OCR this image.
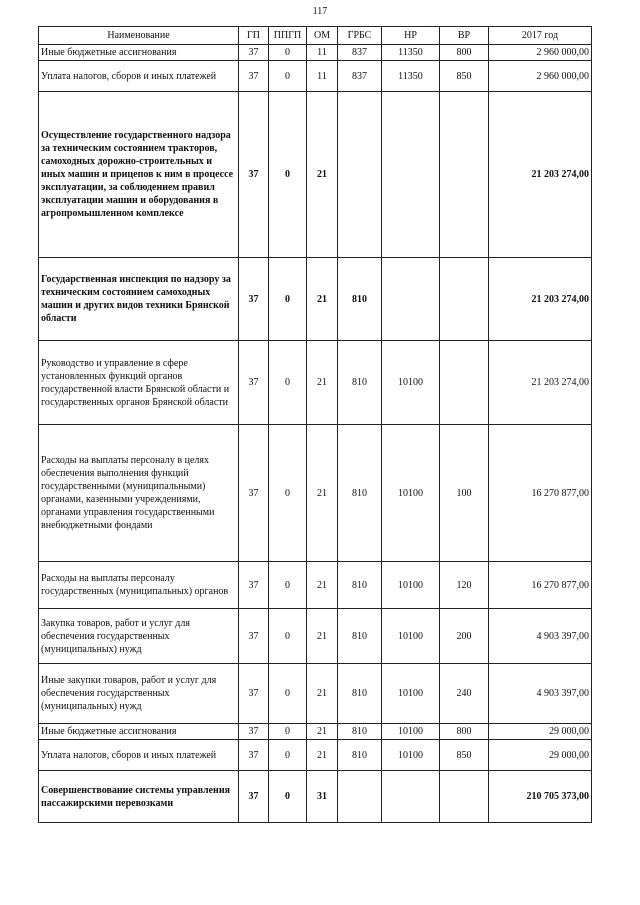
117
Наименование	ГП	ППГП	ОМ	ГРБС	НР	ВР	2017 год
Иные бюджетные ассигнования	37	0	11	837	11350	800	2 960 000,00
Уплата налогов, сборов и иных платежей	37	0	11	837	11350	850	2 960 000,00
Осуществление государственного надзора за техническим состоянием тракторов, самоходных дорожно-строительных и иных машин и прицепов к ним в процессе эксплуатации, за соблюдением правил эксплуатации машин и оборудования в агропромышленном комплексе	37	0	21				21 203 274,00
Государственная инспекция по надзору за техническим состоянием самоходных машин и других видов техники Брянской области	37	0	21	810			21 203 274,00
Руководство и управление в сфере установленных функций органов государственной власти Брянской области и государственных органов Брянской области	37	0	21	810	10100		21 203 274,00
Расходы на выплаты персоналу в целях обеспечения выполнения функций государственными (муниципальными) органами, казенными учреждениями, органами управления государственными внебюджетными фондами	37	0	21	810	10100	100	16 270 877,00
Расходы на выплаты персоналу государственных (муниципальных) органов	37	0	21	810	10100	120	16 270 877,00
Закупка товаров, работ и услуг для обеспечения государственных (муниципальных) нужд	37	0	21	810	10100	200	4 903 397,00
Иные закупки товаров, работ и услуг для обеспечения государственных (муниципальных) нужд	37	0	21	810	10100	240	4 903 397,00
Иные бюджетные ассигнования	37	0	21	810	10100	800	29 000,00
Уплата налогов, сборов и иных платежей	37	0	21	810	10100	850	29 000,00
Совершенствование системы управления пассажирскими перевозками	37	0	31				210 705 373,00
